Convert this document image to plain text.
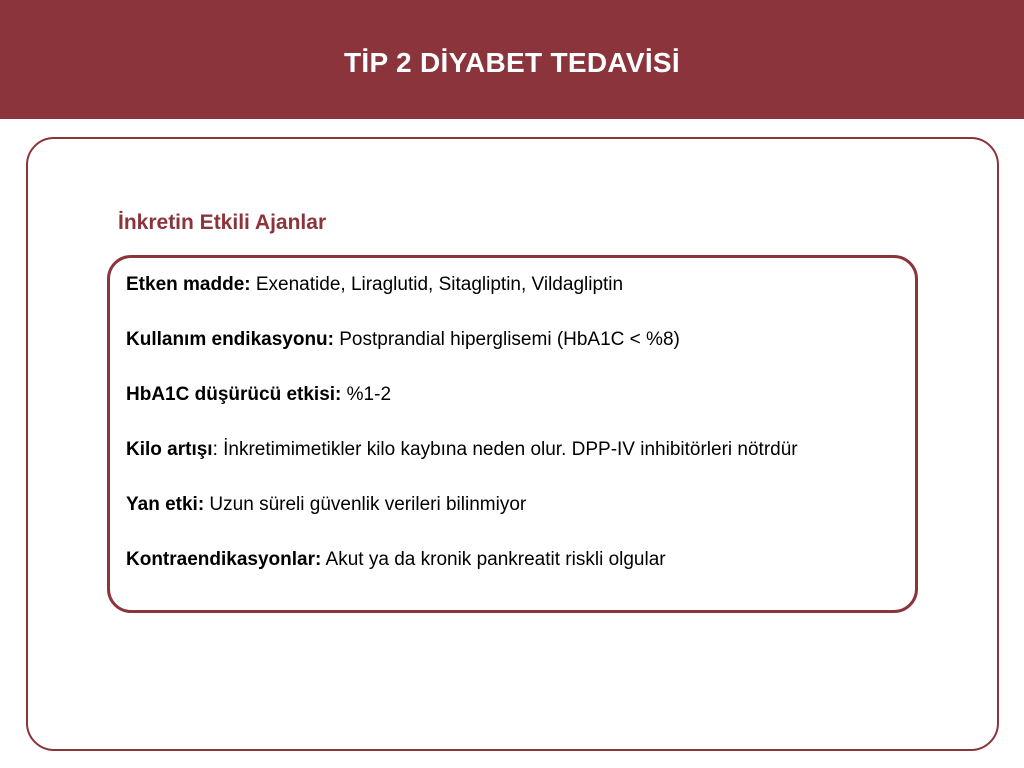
TİP 2 DİYABET TEDAVİSİ
İnkretin Etkili Ajanlar
Etken madde: Exenatide, Liraglutid, Sitagliptin, Vildagliptin
Kullanım endikasyonu: Postprandial hiperglisemi (HbA1C < %8)
HbA1C düşürücü etkisi: %1-2
Kilo artışı: İnkretimimetikler kilo kaybına neden olur. DPP-IV inhibitörleri nötrdür
Yan etki: Uzun süreli güvenlik verileri bilinmiyor
Kontraendikasyonlar: Akut ya da kronik pankreatit riskli olgular
